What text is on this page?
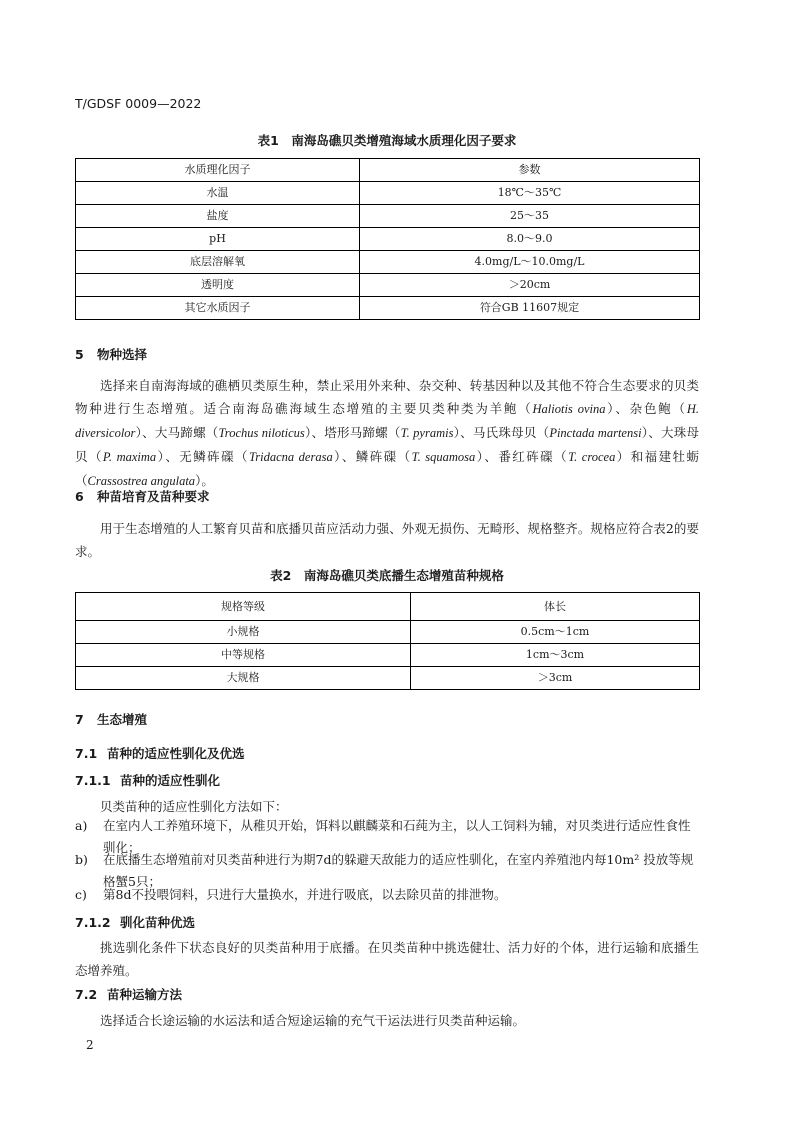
T/GDSF 0009—2022
表1　南海岛礁贝类增殖海域水质理化因子要求
水质理化因子	参数
水温	18℃～35℃
盐度	25～35
pH	8.0～9.0
底层溶解氧	4.0mg/L～10.0mg/L
透明度	＞20cm
其它水质因子	符合GB 11607规定
5 物种选择
选择来自南海海域的礁栖贝类原生种，禁止采用外来种、杂交种、转基因种以及其他不符合生态要求的贝类物种进行生态增殖。适合南海岛礁海域生态增殖的主要贝类种类为羊鲍（Haliotis ovina）、杂色鲍（H. diversicolor）、大马蹄螺（Trochus niloticus）、塔形马蹄螺（T. pyramis）、马氏珠母贝（Pinctada martensi）、大珠母贝（P. maxima）、无鳞砗磲（Tridacna derasa）、鳞砗磲（T. squamosa）、番红砗磲（T. crocea）和福建牡蛎（Crassostrea angulata）。
6 种苗培育及苗种要求
用于生态增殖的人工繁育贝苗和底播贝苗应活动力强、外观无损伤、无畸形、规格整齐。规格应符合表2的要求。
表2　南海岛礁贝类底播生态增殖苗种规格
规格等级	体长
小规格	0.5cm～1cm
中等规格	1cm～3cm
大规格	＞3cm
7 生态增殖
7.1 苗种的适应性驯化及优选
7.1.1 苗种的适应性驯化
贝类苗种的适应性驯化方法如下：
a) 在室内人工养殖环境下，从稚贝开始，饵料以麒麟菜和石莼为主，以人工饲料为辅，对贝类进行适应性食性驯化；
b) 在底播生态增殖前对贝类苗种进行为期7d的躲避天敌能力的适应性驯化，在室内养殖池内每10m² 投放等规格蟹5只；
c) 第8d不投喂饲料，只进行大量换水，并进行吸底，以去除贝苗的排泄物。
7.1.2 驯化苗种优选
挑选驯化条件下状态良好的贝类苗种用于底播。在贝类苗种中挑选健壮、活力好的个体，进行运输和底播生态增养殖。
7.2 苗种运输方法
选择适合长途运输的水运法和适合短途运输的充气干运法进行贝类苗种运输。
2
